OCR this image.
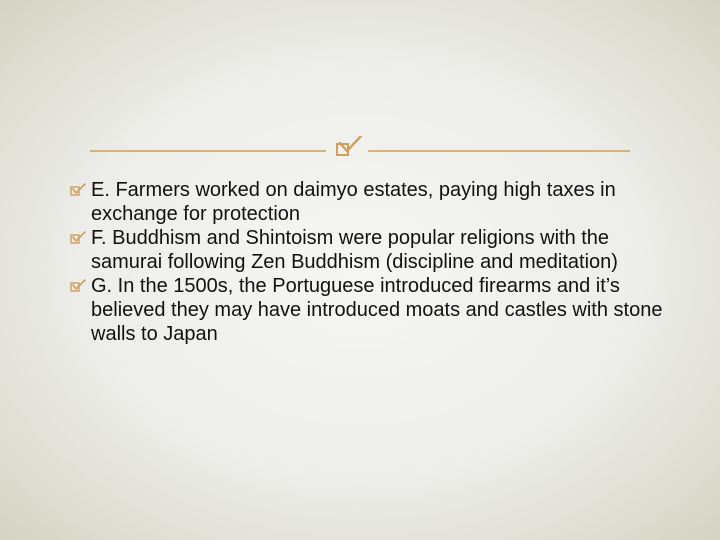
E. Farmers worked on daimyo estates, paying high taxes in exchange for protection
F. Buddhism and Shintoism were popular religions with the samurai following Zen Buddhism (discipline and meditation)
G. In the 1500s, the Portuguese introduced firearms and it’s believed they may have introduced moats and castles with stone walls to Japan
